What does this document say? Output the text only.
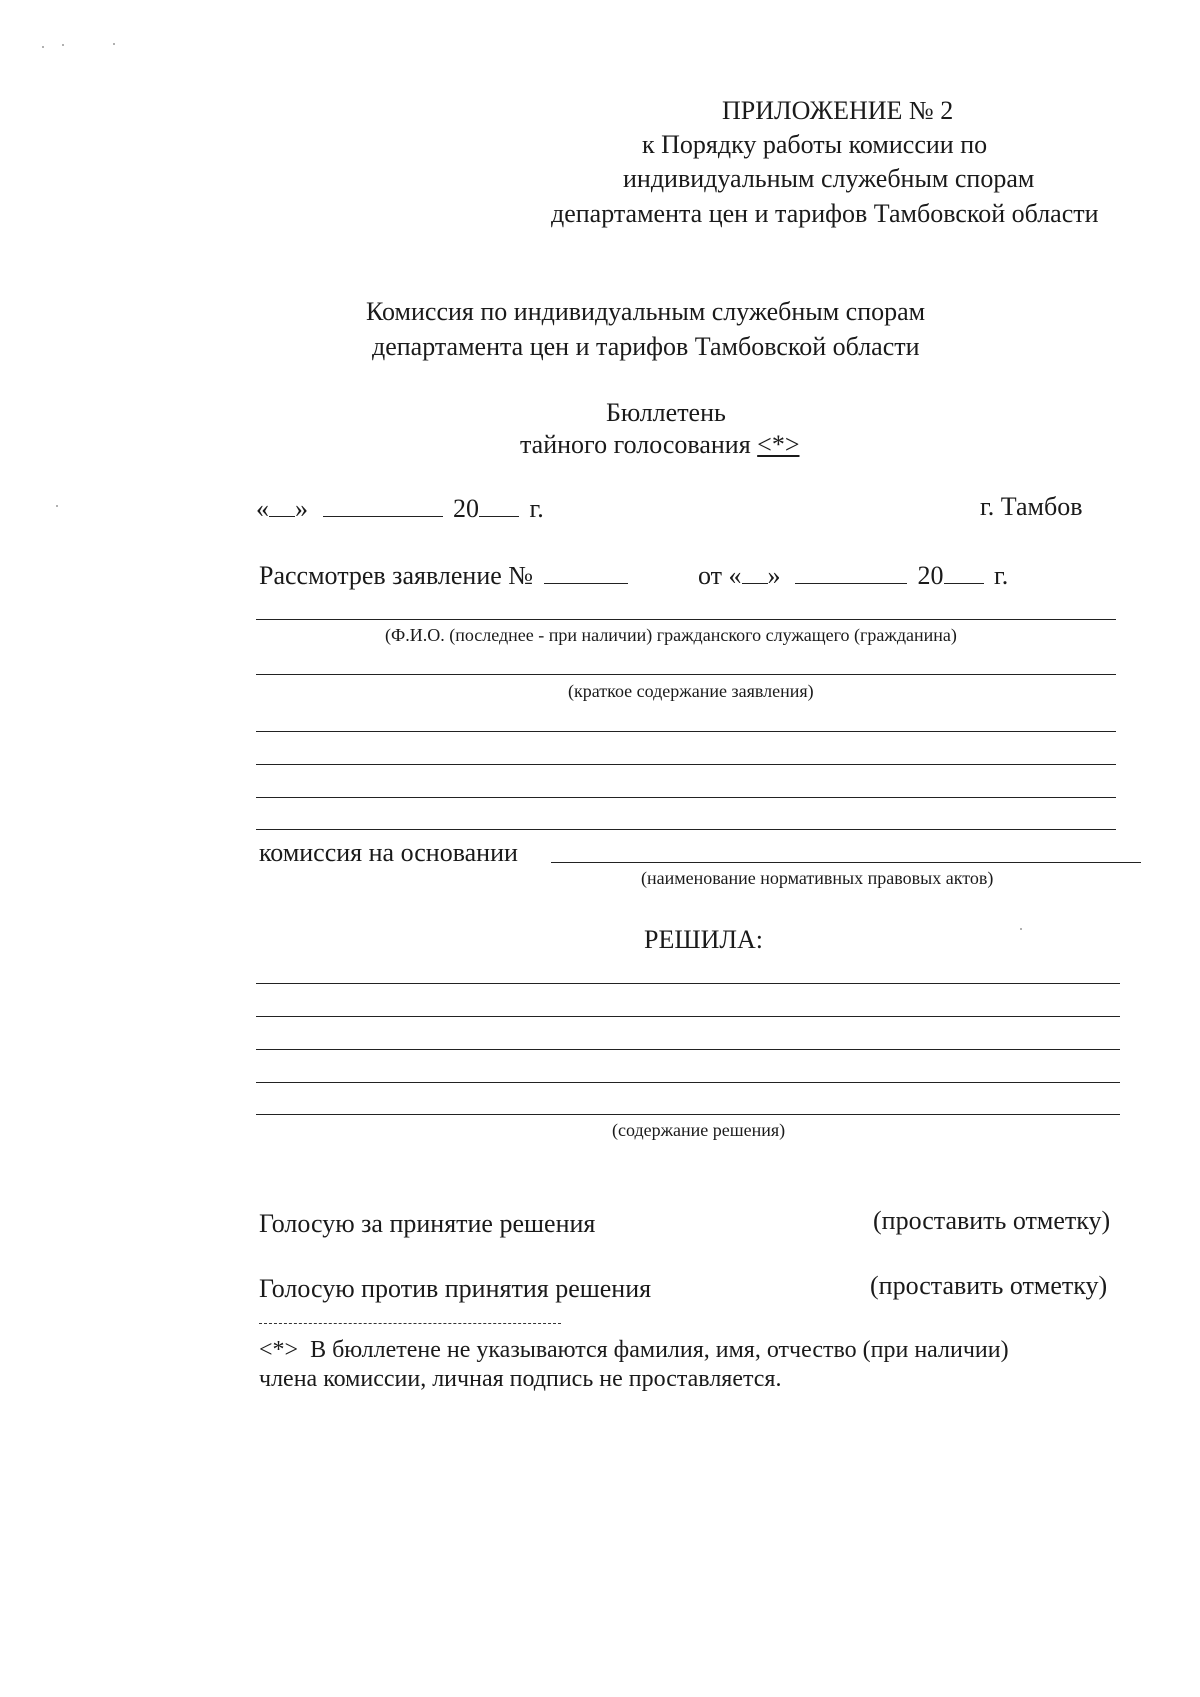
ПРИЛОЖЕНИЕ № 2
к Порядку работы комиссии по
индивидуальным служебным спорам
департамента цен и тарифов Тамбовской области
Комиссия по индивидуальным служебным спорам
департамента цен и тарифов Тамбовской области
Бюллетень
тайного голосования <*>
« »	20 г.	г. Тамбов
Рассмотрев заявление №	от « »	20 г.
(Ф.И.О. (последнее - при наличии) гражданского служащего (гражданина)
(краткое содержание заявления)
комиссия на основании
(наименование нормативных правовых актов)
РЕШИЛА:
(содержание решения)
Голосую за принятие решения	(проставить отметку)
Голосую против принятия решения	(проставить отметку)
<*> В бюллетене не указываются фамилия, имя, отчество (при наличии)
члена комиссии, личная подпись не проставляется.
